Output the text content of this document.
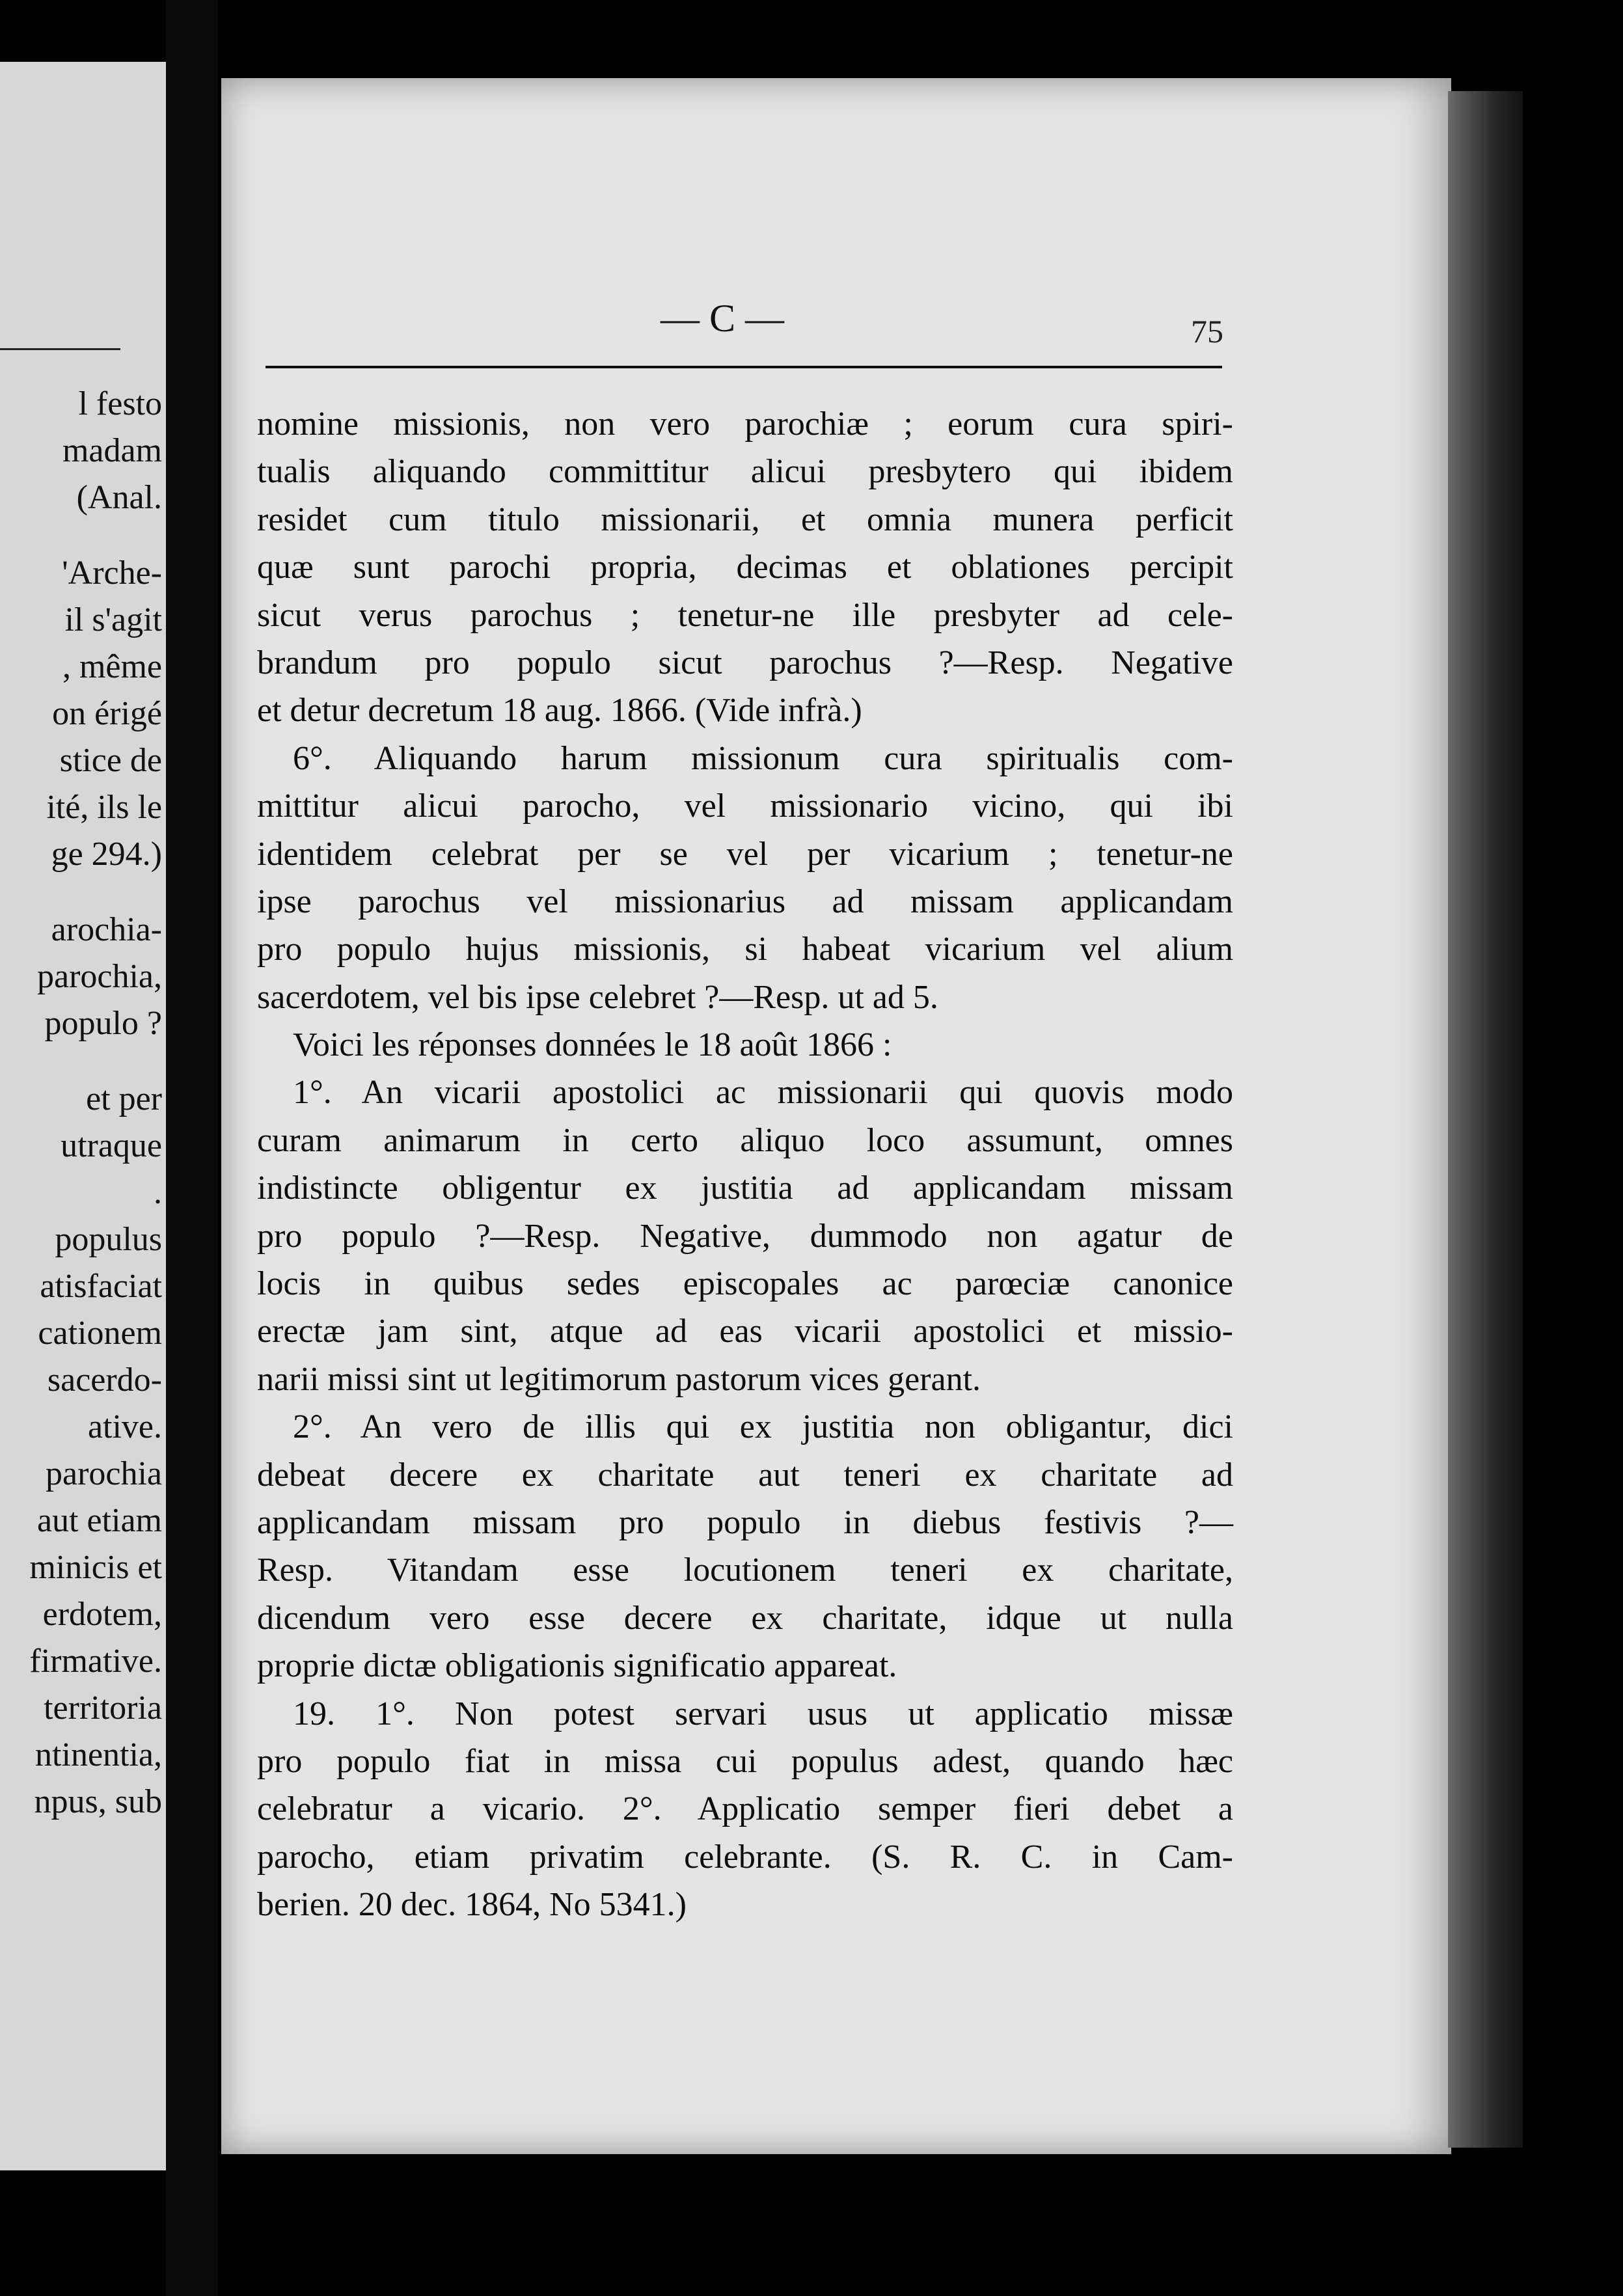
l festo
madam
(Anal.
'Arche-
il s'agit
, même
on érigé
stice de
ité, ils le
ge 294.)
arochia-
parochia,
populo ?
et per
utraque
.
populus
atisfaciat
cationem
sacerdo-
ative.
parochia
aut etiam
minicis et
erdotem,
firmative.
territoria
ntinentia,
npus, sub
— C —	75
nomine missionis, non vero parochiæ ; eorum cura spiri-
tualis aliquando committitur alicui presbytero qui ibidem
residet cum titulo missionarii, et omnia munera perficit
quæ sunt parochi propria, decimas et oblationes percipit
sicut verus parochus ; tenetur-ne ille presbyter ad cele-
brandum pro populo sicut parochus ?—Resp. Negative
et detur decretum 18 aug. 1866. (Vide infrà.)
6°. Aliquando harum missionum cura spiritualis com-
mittitur alicui parocho, vel missionario vicino, qui ibi
identidem celebrat per se vel per vicarium ; tenetur-ne
ipse parochus vel missionarius ad missam applicandam
pro populo hujus missionis, si habeat vicarium vel alium
sacerdotem, vel bis ipse celebret ?—Resp. ut ad 5.
Voici les réponses données le 18 août 1866 :
1°. An vicarii apostolici ac missionarii qui quovis modo
curam animarum in certo aliquo loco assumunt, omnes
indistincte obligentur ex justitia ad applicandam missam
pro populo ?—Resp. Negative, dummodo non agatur de
locis in quibus sedes episcopales ac parœciæ canonice
erectæ jam sint, atque ad eas vicarii apostolici et missio-
narii missi sint ut legitimorum pastorum vices gerant.
2°. An vero de illis qui ex justitia non obligantur, dici
debeat decere ex charitate aut teneri ex charitate ad
applicandam missam pro populo in diebus festivis ?—
Resp. Vitandam esse locutionem teneri ex charitate,
dicendum vero esse decere ex charitate, idque ut nulla
proprie dictæ obligationis significatio appareat.
19. 1°. Non potest servari usus ut applicatio missæ
pro populo fiat in missa cui populus adest, quando hæc
celebratur a vicario. 2°. Applicatio semper fieri debet a
parocho, etiam privatim celebrante. (S. R. C. in Cam-
berien. 20 dec. 1864, No 5341.)
